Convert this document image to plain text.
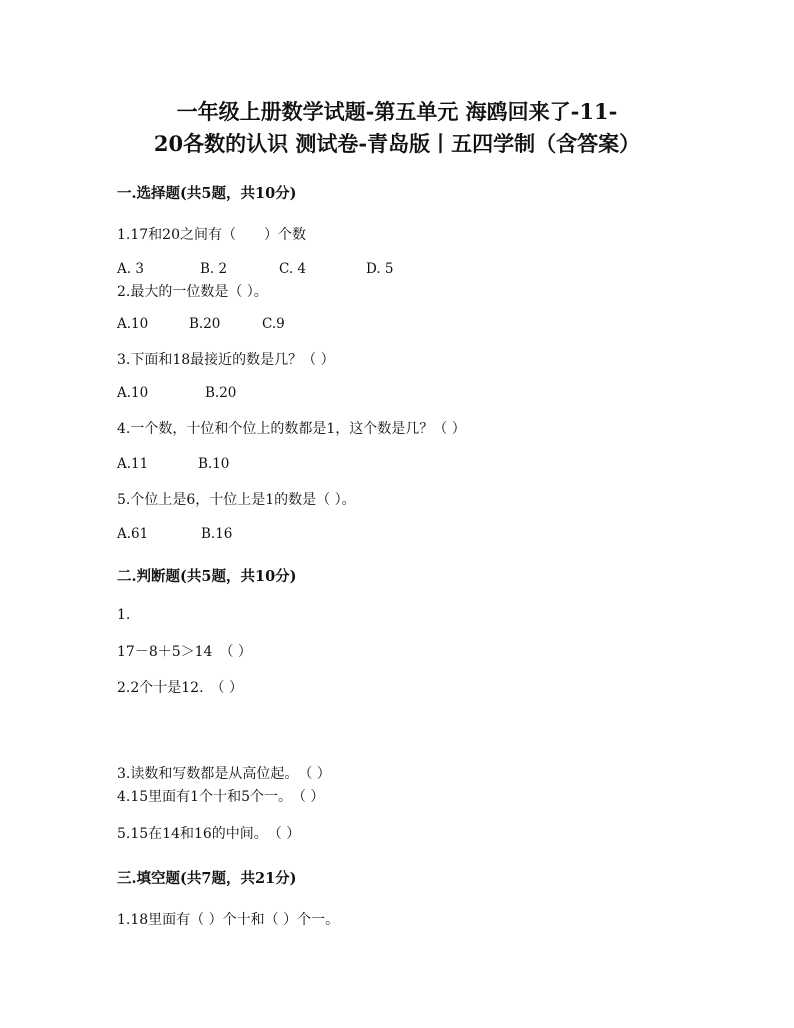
一年级上册数学试题-第五单元 海鸥回来了-11-
20各数的认识 测试卷-青岛版丨五四学制（含答案）
一.选择题(共5题，共10分)
1.17和20之间有（　　）个数
A. 3	B. 2	C. 4	D. 5
2.最大的一位数是（ ）。
A.10	B.20	C.9
3.下面和18最接近的数是几？（ ）
A.10	B.20
4.一个数，十位和个位上的数都是1，这个数是几？（ ）
A.11	B.10
5.个位上是6，十位上是1的数是（ ）。
A.61	B.16
二.判断题(共5题，共10分)
1.
17－8＋5＞14　（ ）
2.2个十是12.　（ ）
3.读数和写数都是从高位起。　（ ）
4.15里面有1个十和5个一。　（ ）
5.15在14和16的中间。　（ ）
三.填空题(共7题，共21分)
1.18里面有（ ）个十和（ ）个一。
